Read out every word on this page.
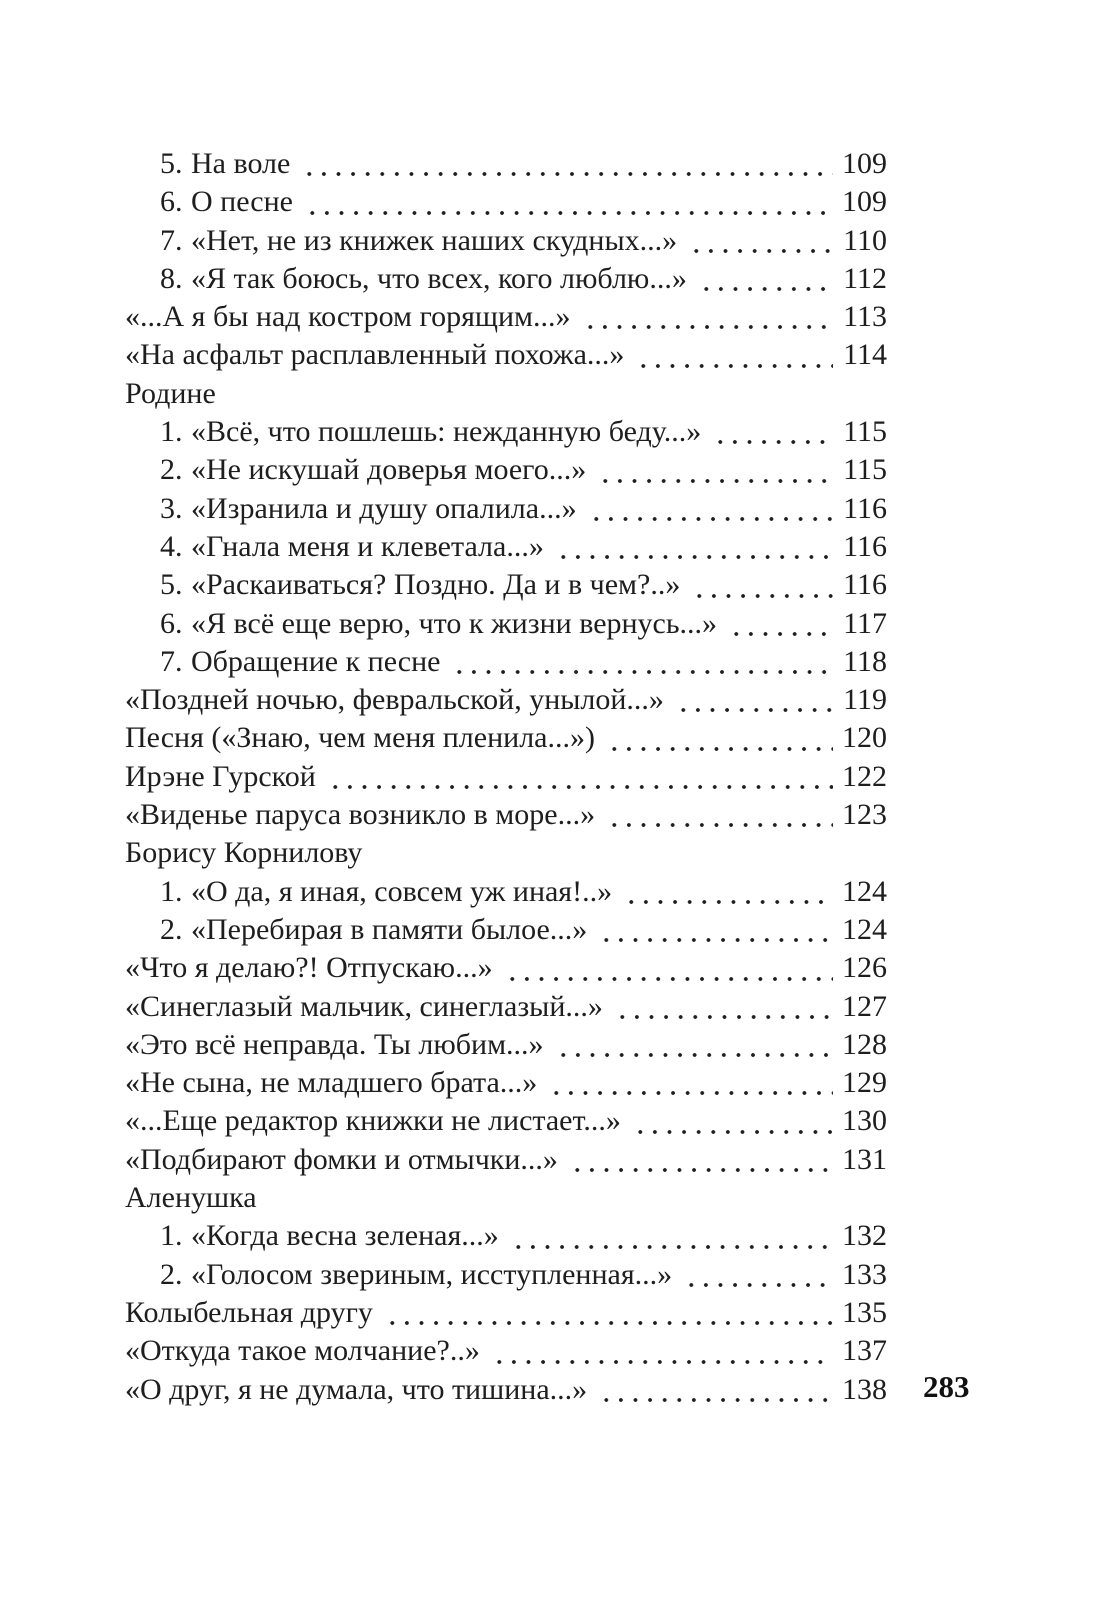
5. На воле	109
6. О песне	109
7. «Нет, не из книжек наших скудных...»	110
8. «Я так боюсь, что всех, кого люблю...»	112
«...А я бы над костром горящим...»	113
«На асфальт расплавленный похожа...»	114
Родине
1. «Всё, что пошлешь: нежданную беду...»	115
2. «Не искушай доверья моего...»	115
3. «Изранила и душу опалила...»	116
4. «Гнала меня и клеветала...»	116
5. «Раскаиваться? Поздно. Да и в чем?..»	116
6. «Я всё еще верю, что к жизни вернусь...»	117
7. Обращение к песне	118
«Поздней ночью, февральской, унылой...»	119
Песня («Знаю, чем меня пленила...»)	120
Ирэне Гурской	122
«Виденье паруса возникло в море...»	123
Борису Корнилову
1. «О да, я иная, совсем уж иная!..»	124
2. «Перебирая в памяти былое...»	124
«Что я делаю?! Отпускаю...»	126
«Синеглазый мальчик, синеглазый...»	127
«Это всё неправда. Ты любим...»	128
«Не сына, не младшего брата...»	129
«...Еще редактор книжки не листает...»	130
«Подбирают фомки и отмычки...»	131
Аленушка
1. «Когда весна зеленая...»	132
2. «Голосом звериным, исступленная...»	133
Колыбельная другу	135
«Откуда такое молчание?..»	137
«О друг, я не думала, что тишина...»	138 283
